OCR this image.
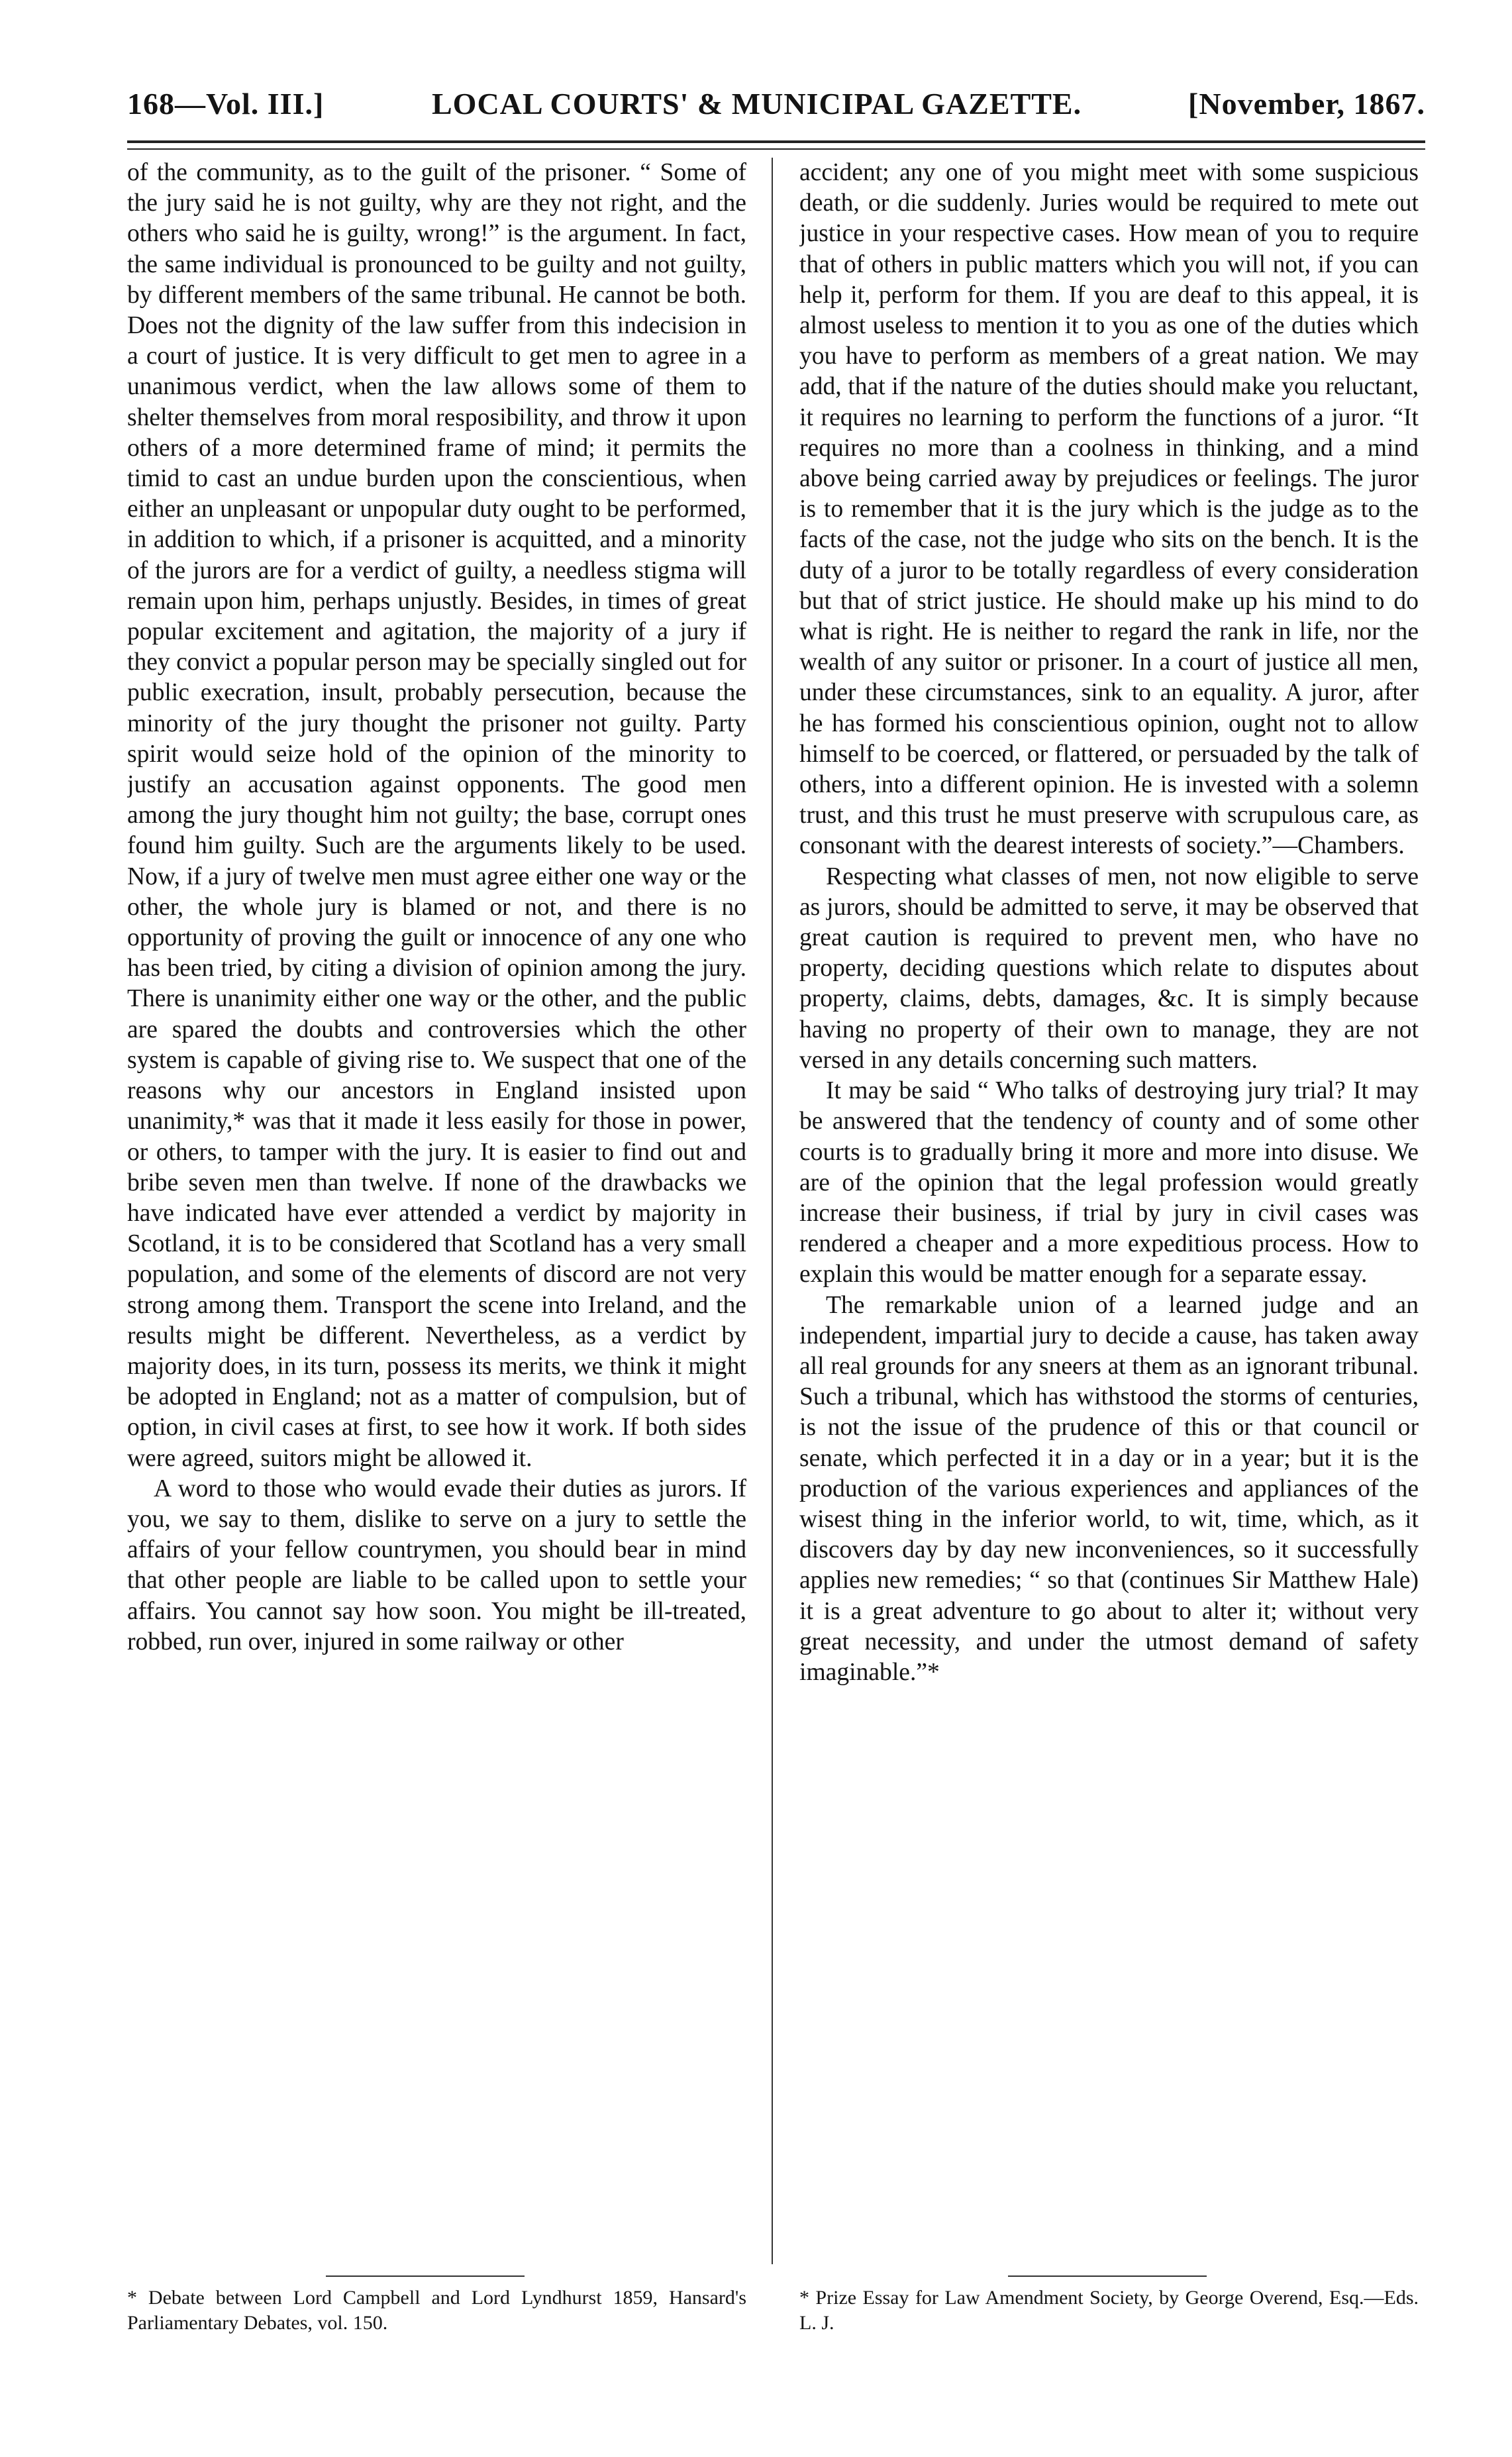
168—Vol. III.]	LOCAL COURTS' & MUNICIPAL GAZETTE.	[November, 1867.

of the community, as to the guilt of the prisoner. “ Some of the jury said he is not guilty, why are they not right, and the others who said he is guilty, wrong!” is the argument. In fact, the same individual is pronounced to be guilty and not guilty, by different members of the same tribunal. He cannot be both. Does not the dignity of the law suffer from this indecision in a court of justice. It is very difficult to get men to agree in a unanimous verdict, when the law allows some of them to shelter themselves from moral resposibility, and throw it upon others of a more determined frame of mind; it permits the timid to cast an undue burden upon the conscientious, when either an unpleasant or unpopular duty ought to be performed, in addition to which, if a prisoner is acquitted, and a minority of the jurors are for a verdict of guilty, a needless stigma will remain upon him, perhaps unjustly. Besides, in times of great popular excitement and agitation, the majority of a jury if they convict a popular person may be specially singled out for public execration, insult, probably persecution, because the minority of the jury thought the prisoner not guilty. Party spirit would seize hold of the opinion of the minority to justify an accusation against opponents. The good men among the jury thought him not guilty; the base, corrupt ones found him guilty. Such are the arguments likely to be used. Now, if a jury of twelve men must agree either one way or the other, the whole jury is blamed or not, and there is no opportunity of proving the guilt or innocence of any one who has been tried, by citing a division of opinion among the jury. There is unanimity either one way or the other, and the public are spared the doubts and controversies which the other system is capable of giving rise to. We suspect that one of the reasons why our ancestors in England insisted upon unanimity,* was that it made it less easily for those in power, or others, to tamper with the jury. It is easier to find out and bribe seven men than twelve. If none of the drawbacks we have indicated have ever attended a verdict by majority in Scotland, it is to be considered that Scotland has a very small population, and some of the elements of discord are not very strong among them. Transport the scene into Ireland, and the results might be different. Nevertheless, as a verdict by majority does, in its turn, possess its merits, we think it might be adopted in England; not as a matter of compulsion, but of option, in civil cases at first, to see how it work. If both sides were agreed, suitors might be allowed it.

A word to those who would evade their duties as jurors. If you, we say to them, dislike to serve on a jury to settle the affairs of your fellow countrymen, you should bear in mind that other people are liable to be called upon to settle your affairs. You cannot say how soon. You might be ill-treated, robbed, run over, injured in some railway or other

accident; any one of you might meet with some suspicious death, or die suddenly. Juries would be required to mete out justice in your respective cases. How mean of you to require that of others in public matters which you will not, if you can help it, perform for them. If you are deaf to this appeal, it is almost useless to mention it to you as one of the duties which you have to perform as members of a great nation. We may add, that if the nature of the duties should make you reluctant, it requires no learning to perform the functions of a juror. “It requires no more than a coolness in thinking, and a mind above being carried away by prejudices or feelings. The juror is to remember that it is the jury which is the judge as to the facts of the case, not the judge who sits on the bench. It is the duty of a juror to be totally regardless of every consideration but that of strict justice. He should make up his mind to do what is right. He is neither to regard the rank in life, nor the wealth of any suitor or prisoner. In a court of justice all men, under these circumstances, sink to an equality. A juror, after he has formed his conscientious opinion, ought not to allow himself to be coerced, or flattered, or persuaded by the talk of others, into a different opinion. He is invested with a solemn trust, and this trust he must preserve with scrupulous care, as consonant with the dearest interests of society.”—Chambers.

Respecting what classes of men, not now eligible to serve as jurors, should be admitted to serve, it may be observed that great caution is required to prevent men, who have no property, deciding questions which relate to disputes about property, claims, debts, damages, &c. It is simply because having no property of their own to manage, they are not versed in any details concerning such matters.

It may be said “ Who talks of destroying jury trial? It may be answered that the tendency of county and of some other courts is to gradually bring it more and more into disuse. We are of the opinion that the legal profession would greatly increase their business, if trial by jury in civil cases was rendered a cheaper and a more expeditious process. How to explain this would be matter enough for a separate essay.

The remarkable union of a learned judge and an independent, impartial jury to decide a cause, has taken away all real grounds for any sneers at them as an ignorant tribunal. Such a tribunal, which has withstood the storms of centuries, is not the issue of the prudence of this or that council or senate, which perfected it in a day or in a year; but it is the production of the various experiences and appliances of the wisest thing in the inferior world, to wit, time, which, as it discovers day by day new inconveniences, so it successfully applies new remedies; “ so that (continues Sir Matthew Hale) it is a great adventure to go about to alter it; without very great necessity, and under the utmost demand of safety imaginable.”*

* Debate between Lord Campbell and Lord Lyndhurst 1859, Hansard's Parliamentary Debates, vol. 150.
* Prize Essay for Law Amendment Society, by George Overend, Esq.—Eds. L. J.
